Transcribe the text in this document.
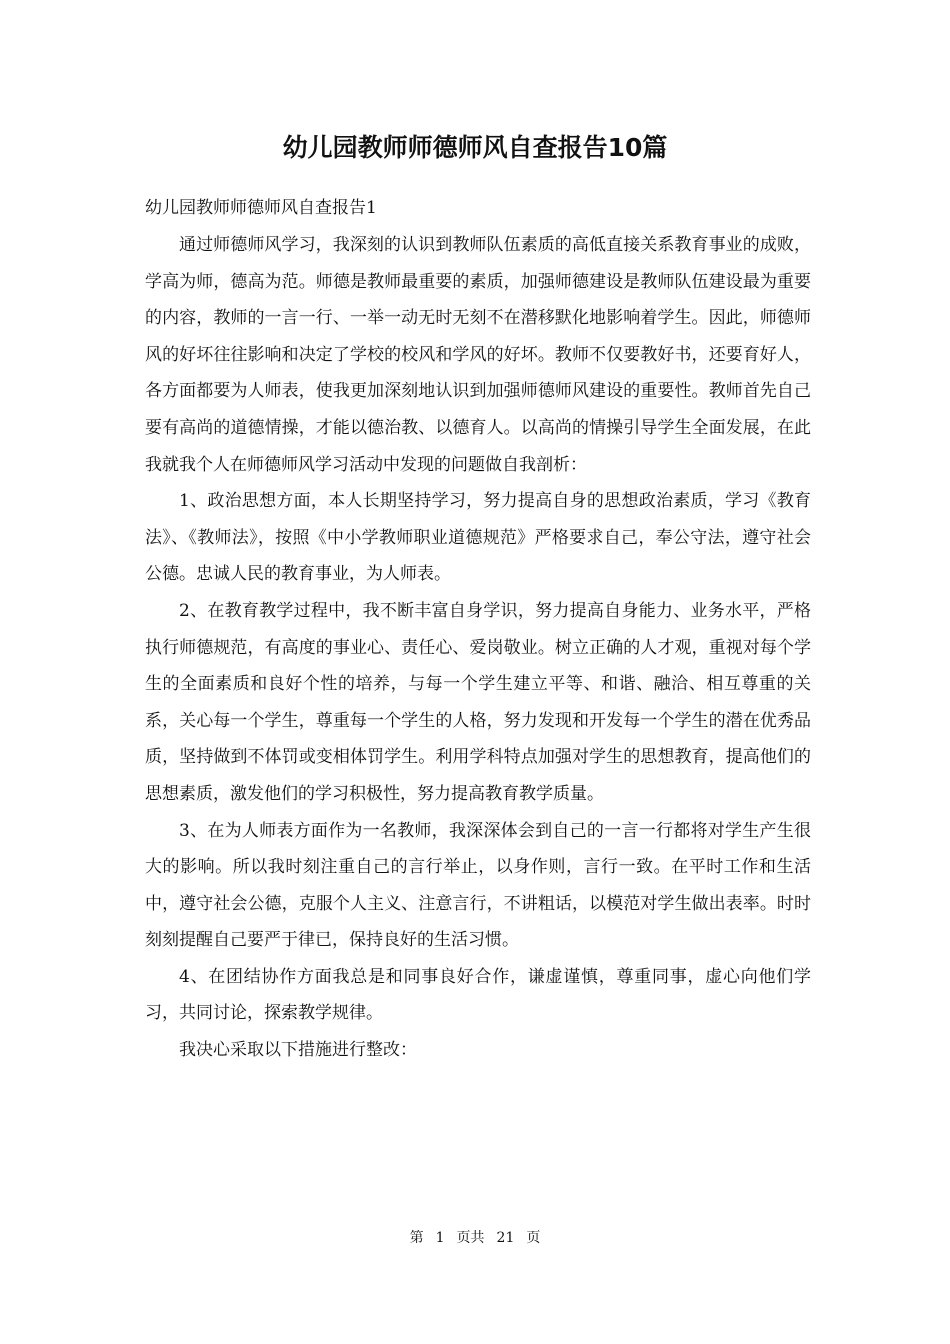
幼儿园教师师德师风自查报告10篇

幼儿园教师师德师风自查报告1

通过师德师风学习，我深刻的认识到教师队伍素质的高低直接关系教育事业的成败，学高为师，德高为范。师德是教师最重要的素质，加强师德建设是教师队伍建设最为重要的内容，教师的一言一行、一举一动无时无刻不在潜移默化地影响着学生。因此，师德师风的好坏往往影响和决定了学校的校风和学风的好坏。教师不仅要教好书，还要育好人，各方面都要为人师表，使我更加深刻地认识到加强师德师风建设的重要性。教师首先自己要有高尚的道德情操，才能以德治教、以德育人。以高尚的情操引导学生全面发展，在此我就我个人在师德师风学习活动中发现的问题做自我剖析：

1、政治思想方面，本人长期坚持学习，努力提高自身的思想政治素质，学习《教育法》、《教师法》，按照《中小学教师职业道德规范》严格要求自己，奉公守法，遵守社会公德。忠诚人民的教育事业，为人师表。

2、在教育教学过程中，我不断丰富自身学识，努力提高自身能力、业务水平，严格执行师德规范，有高度的事业心、责任心、爱岗敬业。树立正确的人才观，重视对每个学生的全面素质和良好个性的培养，与每一个学生建立平等、和谐、融洽、相互尊重的关系，关心每一个学生，尊重每一个学生的人格，努力发现和开发每一个学生的潜在优秀品质，坚持做到不体罚或变相体罚学生。利用学科特点加强对学生的思想教育，提高他们的思想素质，激发他们的学习积极性，努力提高教育教学质量。

3、在为人师表方面作为一名教师，我深深体会到自己的一言一行都将对学生产生很大的影响。所以我时刻注重自己的言行举止，以身作则，言行一致。在平时工作和生活中，遵守社会公德，克服个人主义、注意言行，不讲粗话，以模范对学生做出表率。时时刻刻提醒自己要严于律已，保持良好的生活习惯。

4、在团结协作方面我总是和同事良好合作，谦虚谨慎，尊重同事，虚心向他们学习，共同讨论，探索教学规律。

我决心采取以下措施进行整改：

第 1 页共 21 页
